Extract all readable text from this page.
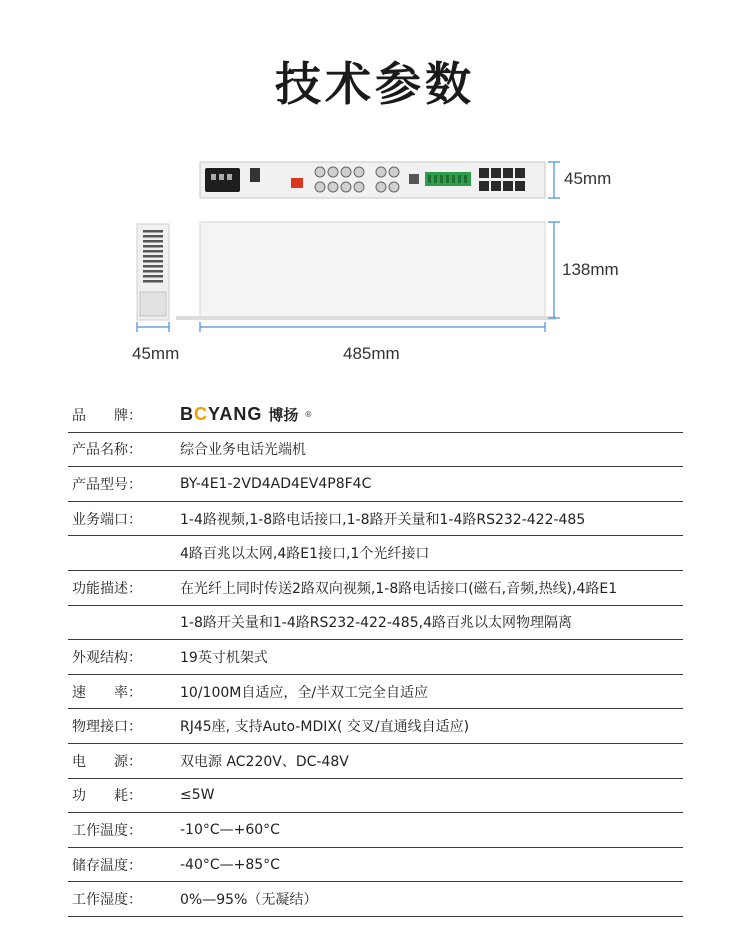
技术参数
45mm
138mm
45mm	485mm
品　　牌：	BCYANG 博扬 ®
产品名称：	综合业务电话光端机
产品型号：	BY-4E1-2VD4AD4EV4P8F4C
业务端口：	1-4路视频,1-8路电话接口,1-8路开关量和1-4路RS232-422-485
4路百兆以太网,4路E1接口,1个光纤接口
功能描述：	在光纤上同时传送2路双向视频,1-8路电话接口(磁石,音频,热线),4路E1
1-8路开关量和1-4路RS232-422-485,4路百兆以太网物理隔离
外观结构：	19英寸机架式
速　　率：	10/100M自适应，全/半双工完全自适应
物理接口：	RJ45座, 支持Auto-MDIX( 交叉/直通线自适应)
电　　源：	双电源 AC220V、DC-48V
功　　耗：	≤5W
工作温度：	-10°C—+60°C
储存温度：	-40°C—+85°C
工作湿度：	0%—95%（无凝结）
